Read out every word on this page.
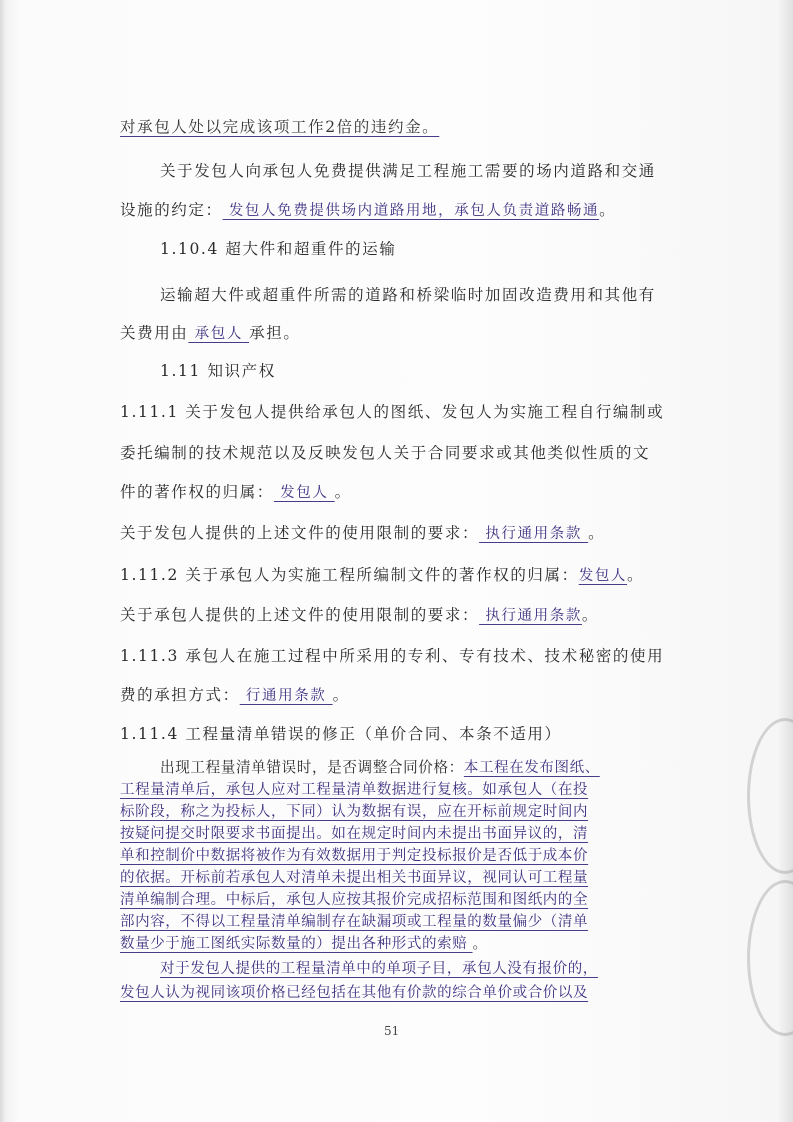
对承包人处以完成该项工作2倍的违约金。
关于发包人向承包人免费提供满足工程施工需要的场内道路和交通
设施的约定： 发包人免费提供场内道路用地，承包人负责道路畅通。
1.10.4 超大件和超重件的运输
运输超大件或超重件所需的道路和桥梁临时加固改造费用和其他有
关费用由 承包人 承担。
1.11 知识产权
1.11.1 关于发包人提供给承包人的图纸、发包人为实施工程自行编制或
委托编制的技术规范以及反映发包人关于合同要求或其他类似性质的文
件的著作权的归属： 发包人 。
关于发包人提供的上述文件的使用限制的要求： 执行通用条款 。
1.11.2 关于承包人为实施工程所编制文件的著作权的归属：发包人。
关于承包人提供的上述文件的使用限制的要求： 执行通用条款。
1.11.3 承包人在施工过程中所采用的专利、专有技术、技术秘密的使用
费的承担方式： 行通用条款 。
1.11.4 工程量清单错误的修正（单价合同、本条不适用）
出现工程量清单错误时，是否调整合同价格：本工程在发布图纸、
工程量清单后，承包人应对工程量清单数据进行复核。如承包人（在投
标阶段，称之为投标人，下同）认为数据有误，应在开标前规定时间内
按疑问提交时限要求书面提出。如在规定时间内未提出书面异议的，清
单和控制价中数据将被作为有效数据用于判定投标报价是否低于成本价
的依据。开标前若承包人对清单未提出相关书面异议，视同认可工程量
清单编制合理。中标后，承包人应按其报价完成招标范围和图纸内的全
部内容，不得以工程量清单编制存在缺漏项或工程量的数量偏少（清单
数量少于施工图纸实际数量的）提出各种形式的索赔 。
对于发包人提供的工程量清单中的单项子目，承包人没有报价的，
发包人认为视同该项价格已经包括在其他有价款的综合单价或合价以及
51
